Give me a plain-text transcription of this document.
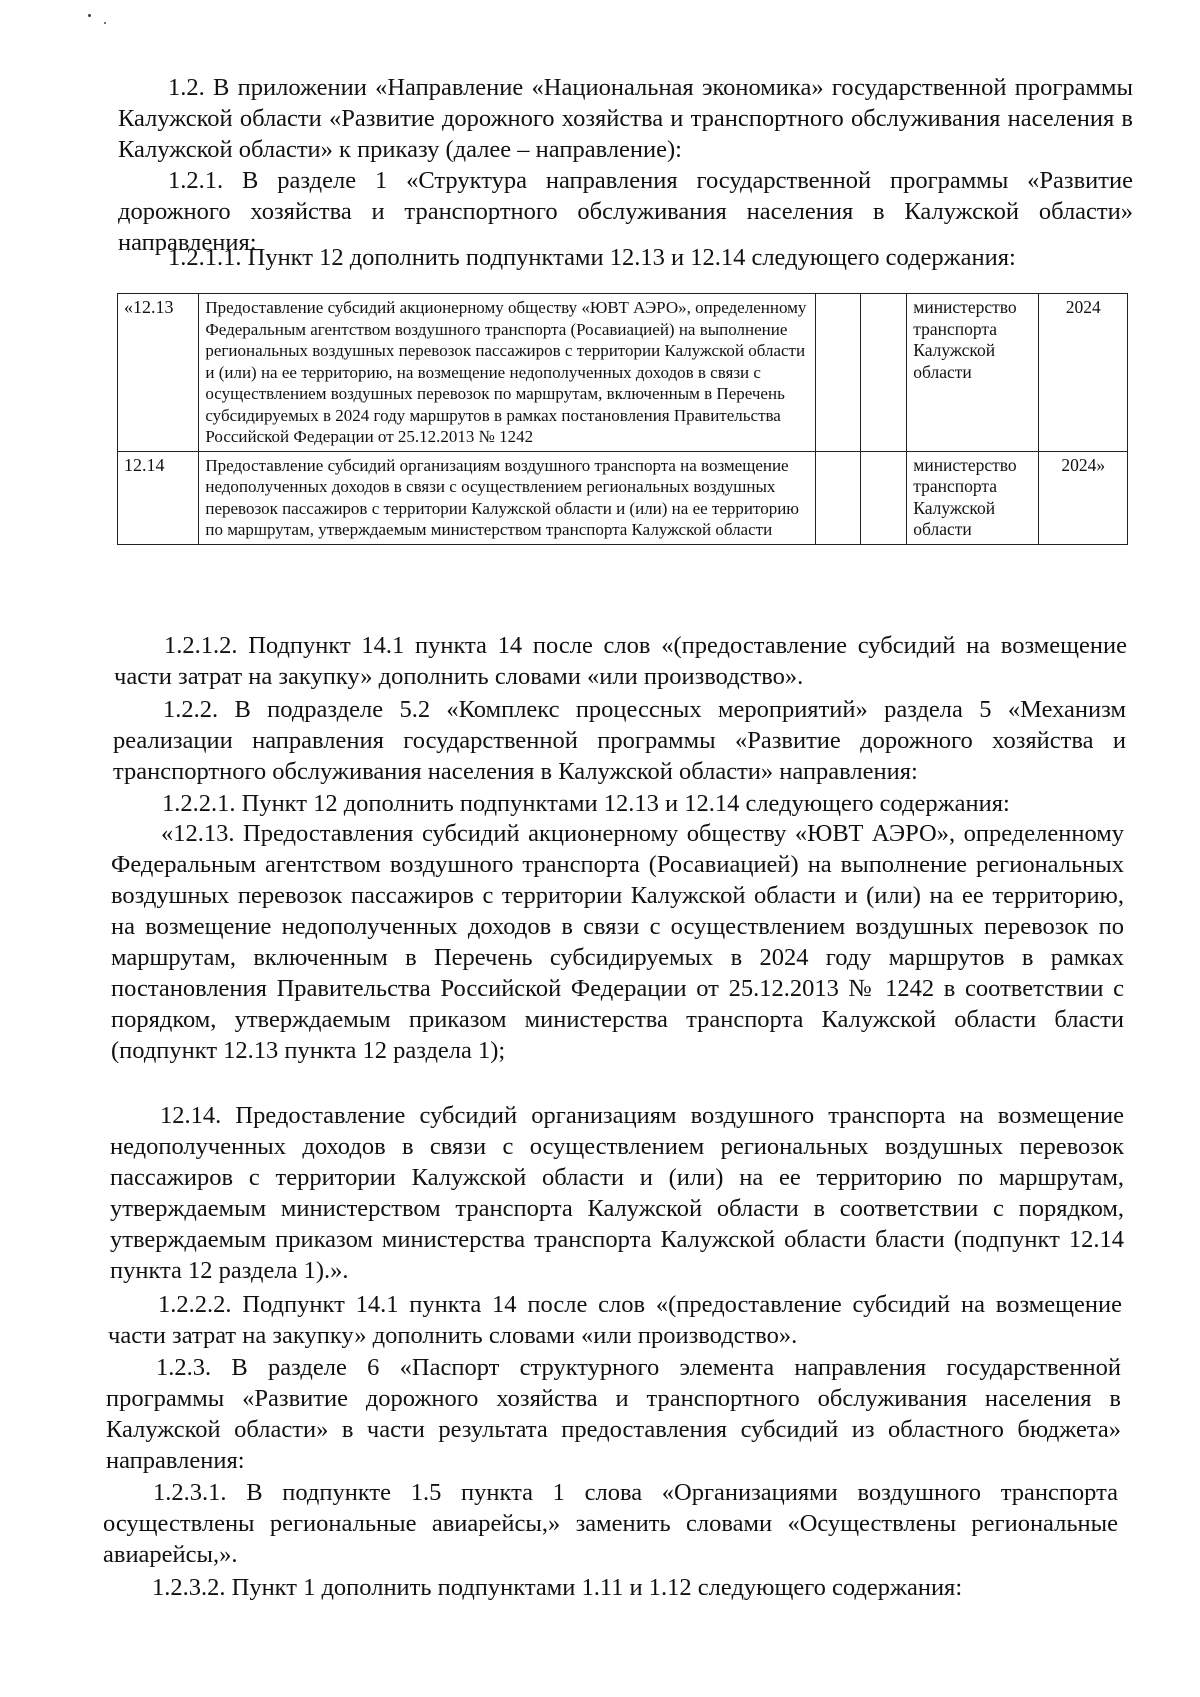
1.2. В приложении «Направление «Национальная экономика» государственной программы Калужской области «Развитие дорожного хозяйства и транспортного обслуживания населения в Калужской области» к приказу (далее – направление):

1.2.1. В разделе 1 «Структура направления государственной программы «Развитие дорожного хозяйства и транспортного обслуживания населения в Калужской области» направления:

1.2.1.1. Пункт 12 дополнить подпунктами 12.13 и 12.14 следующего содержания:

«12.13	Предоставление субсидий акционерному обществу «ЮВТ АЭРО», определенному Федеральным агентством воздушного транспорта (Росавиацией) на выполнение региональных воздушных перевозок пассажиров с территории Калужской области и (или) на ее территорию, на возмещение недополученных доходов в связи с осуществлением воздушных перевозок по маршрутам, включенным в Перечень субсидируемых в 2024 году маршрутов в рамках постановления Правительства Российской Федерации от 25.12.2013 № 1242			министерство транспорта Калужской области	2024
12.14	Предоставление субсидий организациям воздушного транспорта на возмещение недополученных доходов в связи с осуществлением региональных воздушных перевозок пассажиров с территории Калужской области и (или) на ее территорию по маршрутам, утверждаемым министерством транспорта Калужской области			министерство транспорта Калужской области	2024»

1.2.1.2. Подпункт 14.1 пункта 14 после слов «(предоставление субсидий на возмещение части затрат на закупку» дополнить словами «или производство».

1.2.2. В подразделе 5.2 «Комплекс процессных мероприятий» раздела 5 «Механизм реализации направления государственной программы «Развитие дорожного хозяйства и транспортного обслуживания населения в Калужской области» направления:

1.2.2.1. Пункт 12 дополнить подпунктами 12.13 и 12.14 следующего содержания:

«12.13. Предоставления субсидий акционерному обществу «ЮВТ АЭРО», определенному Федеральным агентством воздушного транспорта (Росавиацией) на выполнение региональных воздушных перевозок пассажиров с территории Калужской области и (или) на ее территорию, на возмещение недополученных доходов в связи с осуществлением воздушных перевозок по маршрутам, включенным в Перечень субсидируемых в 2024 году маршрутов в рамках постановления Правительства Российской Федерации от 25.12.2013 № 1242 в соответствии с порядком, утверждаемым приказом министерства транспорта Калужской области бласти (подпункт 12.13 пункта 12 раздела 1);

12.14. Предоставление субсидий организациям воздушного транспорта на возмещение недополученных доходов в связи с осуществлением региональных воздушных перевозок пассажиров с территории Калужской области и (или) на ее территорию по маршрутам, утверждаемым министерством транспорта Калужской области в соответствии с порядком, утверждаемым приказом министерства транспорта Калужской области бласти (подпункт 12.14 пункта 12 раздела 1).».

1.2.2.2. Подпункт 14.1 пункта 14 после слов «(предоставление субсидий на возмещение части затрат на закупку» дополнить словами «или производство».

1.2.3. В разделе 6 «Паспорт структурного элемента направления государственной программы «Развитие дорожного хозяйства и транспортного обслуживания населения в Калужской области» в части результата предоставления субсидий из областного бюджета» направления:

1.2.3.1. В подпункте 1.5 пункта 1 слова «Организациями воздушного транспорта осуществлены региональные авиарейсы,» заменить словами «Осуществлены региональные авиарейсы,».

1.2.3.2. Пункт 1 дополнить подпунктами 1.11 и 1.12 следующего содержания:
